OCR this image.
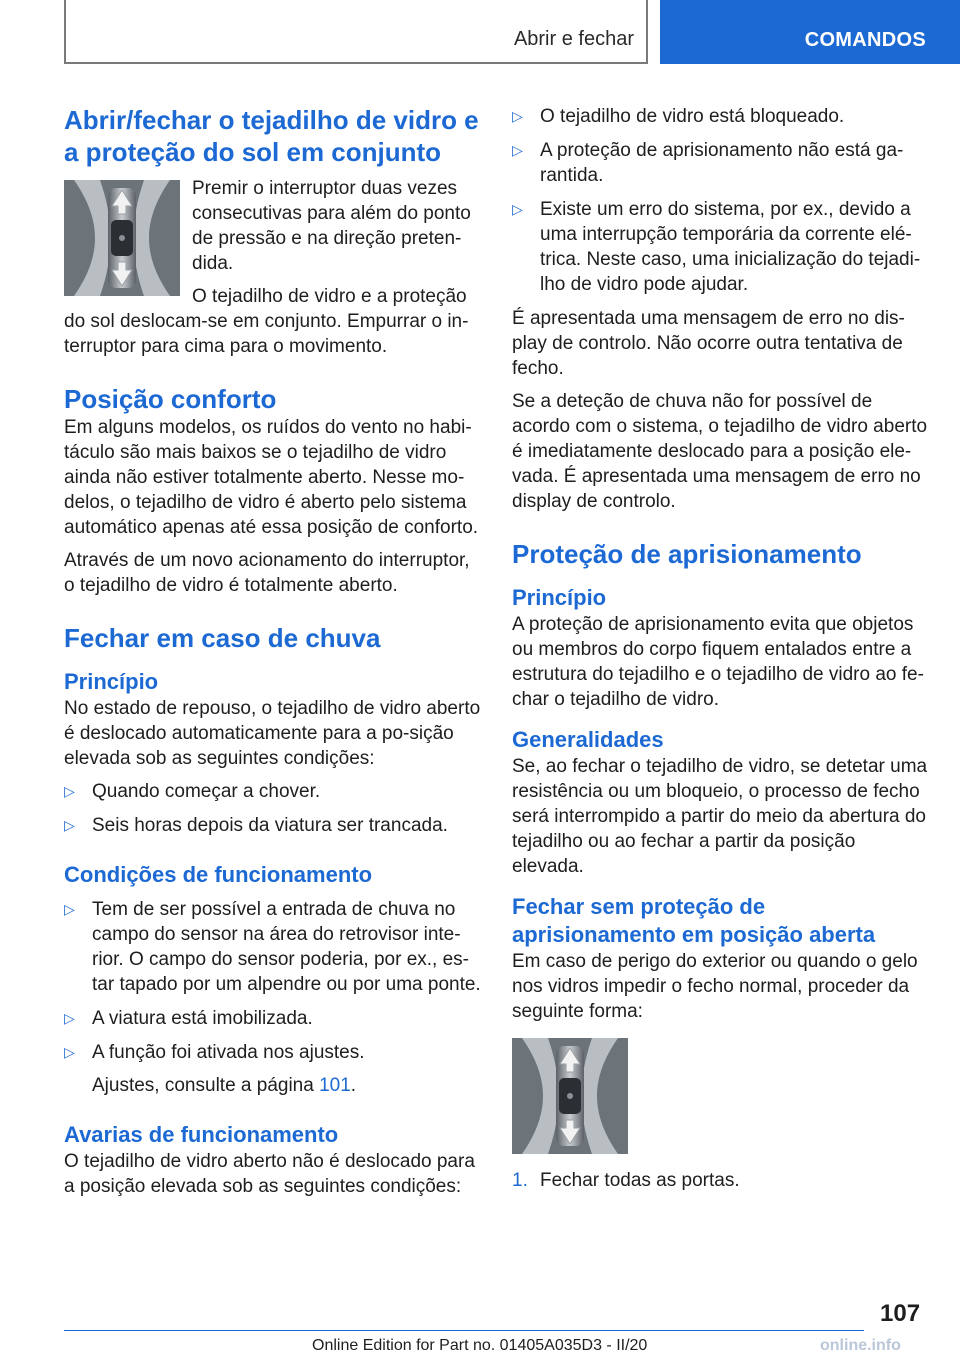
Abrir e fechar	COMANDOS
Abrir/fechar o tejadilho de vidro e a proteção do sol em conjunto

Premir o interruptor duas vezes consecutivas para além do ponto de pressão e na direção preten-dida.

O tejadilho de vidro e a proteção do sol deslocam-se em conjunto. Empurrar o in-terruptor para cima para o movimento.

Posição conforto

Em alguns modelos, os ruídos do vento no habi-táculo são mais baixos se o tejadilho de vidro ainda não estiver totalmente aberto. Nesse mo-delos, o tejadilho de vidro é aberto pelo sistema automático apenas até essa posição de conforto.

Através de um novo acionamento do interruptor, o tejadilho de vidro é totalmente aberto.

Fechar em caso de chuva
Princípio

No estado de repouso, o tejadilho de vidro aberto é deslocado automaticamente para a po-sição elevada sob as seguintes condições:

▷ Quando começar a chover.
▷ Seis horas depois da viatura ser trancada.
Condições de funcionamento
▷ Tem de ser possível a entrada de chuva no campo do sensor na área do retrovisor inte-rior. O campo do sensor poderia, por ex., es-tar tapado por um alpendre ou por uma ponte.
▷ A viatura está imobilizada.
▷ A função foi ativada nos ajustes.
Ajustes, consulte a página 101.
Avarias de funcionamento

O tejadilho de vidro aberto não é deslocado para a posição elevada sob as seguintes condições:

▷ O tejadilho de vidro está bloqueado.
▷ A proteção de aprisionamento não está ga-rantida.
▷ Existe um erro do sistema, por ex., devido a uma interrupção temporária da corrente elé-trica. Neste caso, uma inicialização do tejadi-lho de vidro pode ajudar.

É apresentada uma mensagem de erro no dis-play de controlo. Não ocorre outra tentativa de fecho.

Se a deteção de chuva não for possível de acordo com o sistema, o tejadilho de vidro aberto é imediatamente deslocado para a posição ele-vada. É apresentada uma mensagem de erro no display de controlo.

Proteção de aprisionamento
Princípio

A proteção de aprisionamento evita que objetos ou membros do corpo fiquem entalados entre a estrutura do tejadilho e o tejadilho de vidro ao fe-char o tejadilho de vidro.

Generalidades

Se, ao fechar o tejadilho de vidro, se detetar uma resistência ou um bloqueio, o processo de fecho será interrompido a partir do meio da abertura do tejadilho ou ao fechar a partir da posição elevada.

Fechar sem proteção de aprisionamento em posição aberta

Em caso de perigo do exterior ou quando o gelo nos vidros impedir o fecho normal, proceder da seguinte forma:

1. Fechar todas as portas.
107
Online Edition for Part no. 01405A035D3 - II/20	online.info
